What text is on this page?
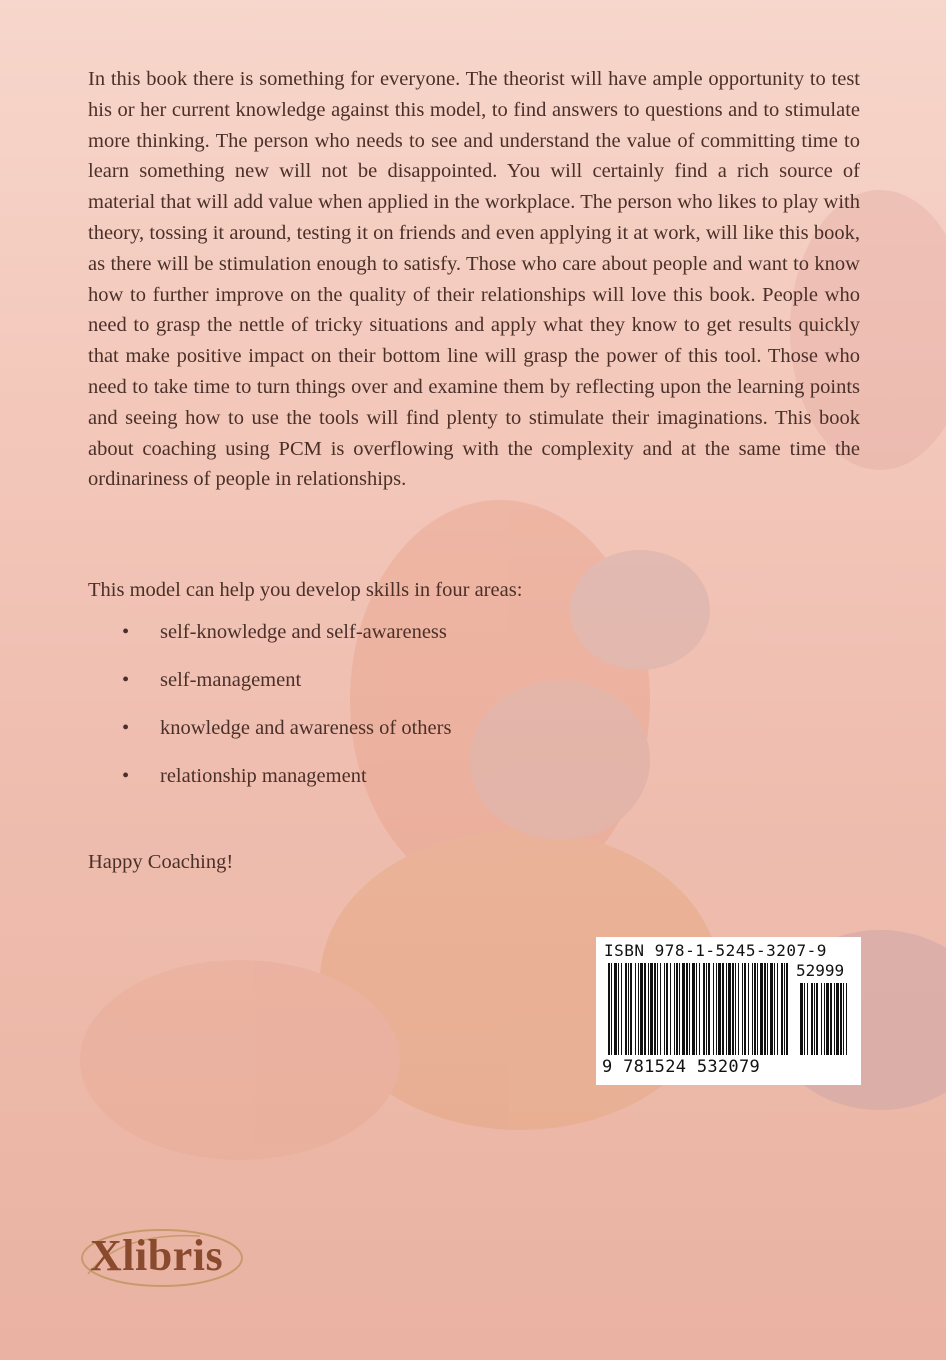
In this book there is something for everyone. The theorist will have ample opportunity to test his or her current knowledge against this model, to find answers to questions and to stimulate more thinking. The person who needs to see and understand the value of committing time to learn something new will not be disappointed. You will certainly find a rich source of material that will add value when applied in the workplace. The person who likes to play with theory, tossing it around, testing it on friends and even applying it at work, will like this book, as there will be stimulation enough to satisfy. Those who care about people and want to know how to further improve on the quality of their relationships will love this book. People who need to grasp the nettle of tricky situations and apply what they know to get results quickly that make positive impact on their bottom line will grasp the power of this tool. Those who need to take time to turn things over and examine them by reflecting upon the learning points and seeing how to use the tools will find plenty to stimulate their imaginations. This book about coaching using PCM is overflowing with the complexity and at the same time the ordinariness of people in relationships.

This model can help you develop skills in four areas:

• self-knowledge and self-awareness
• self-management
• knowledge and awareness of others
• relationship management

Happy Coaching!

ISBN 978-1-5245-3207-9
52999
9 781524 532079
Xlibris
